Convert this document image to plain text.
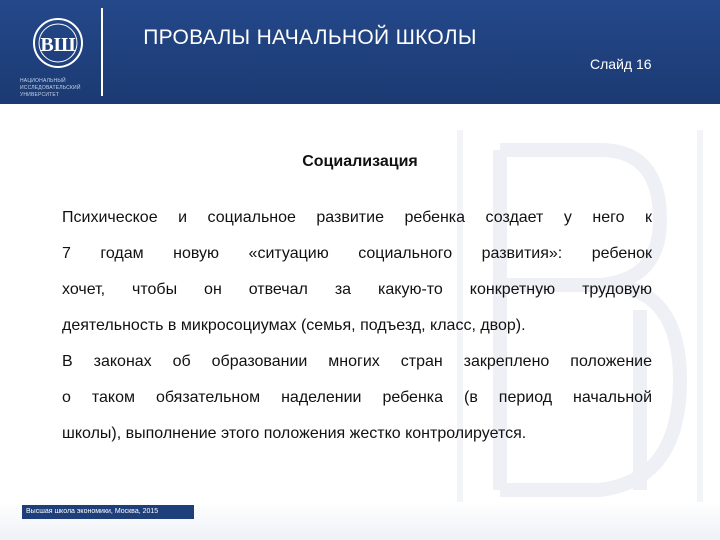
ВШ
НАЦИОНАЛЬНЫЙ ИССЛЕДОВАТЕЛЬСКИЙ УНИВЕРСИТЕТ
ПРОВАЛЫ НАЧАЛЬНОЙ ШКОЛЫ
Слайд 16
Социализация

Психическое и социальное развитие ребенка создает у него к

7 годам новую «ситуацию социального развития»: ребенок

хочет, чтобы он отвечал за какую-то конкретную трудовую

деятельность в микросоциумах (семья, подъезд, класс, двор).

В законах об образовании многих стран закреплено положение

о таком обязательном наделении ребенка (в период начальной

школы), выполнение этого положения жестко контролируется.

Высшая школа экономики, Москва, 2015
